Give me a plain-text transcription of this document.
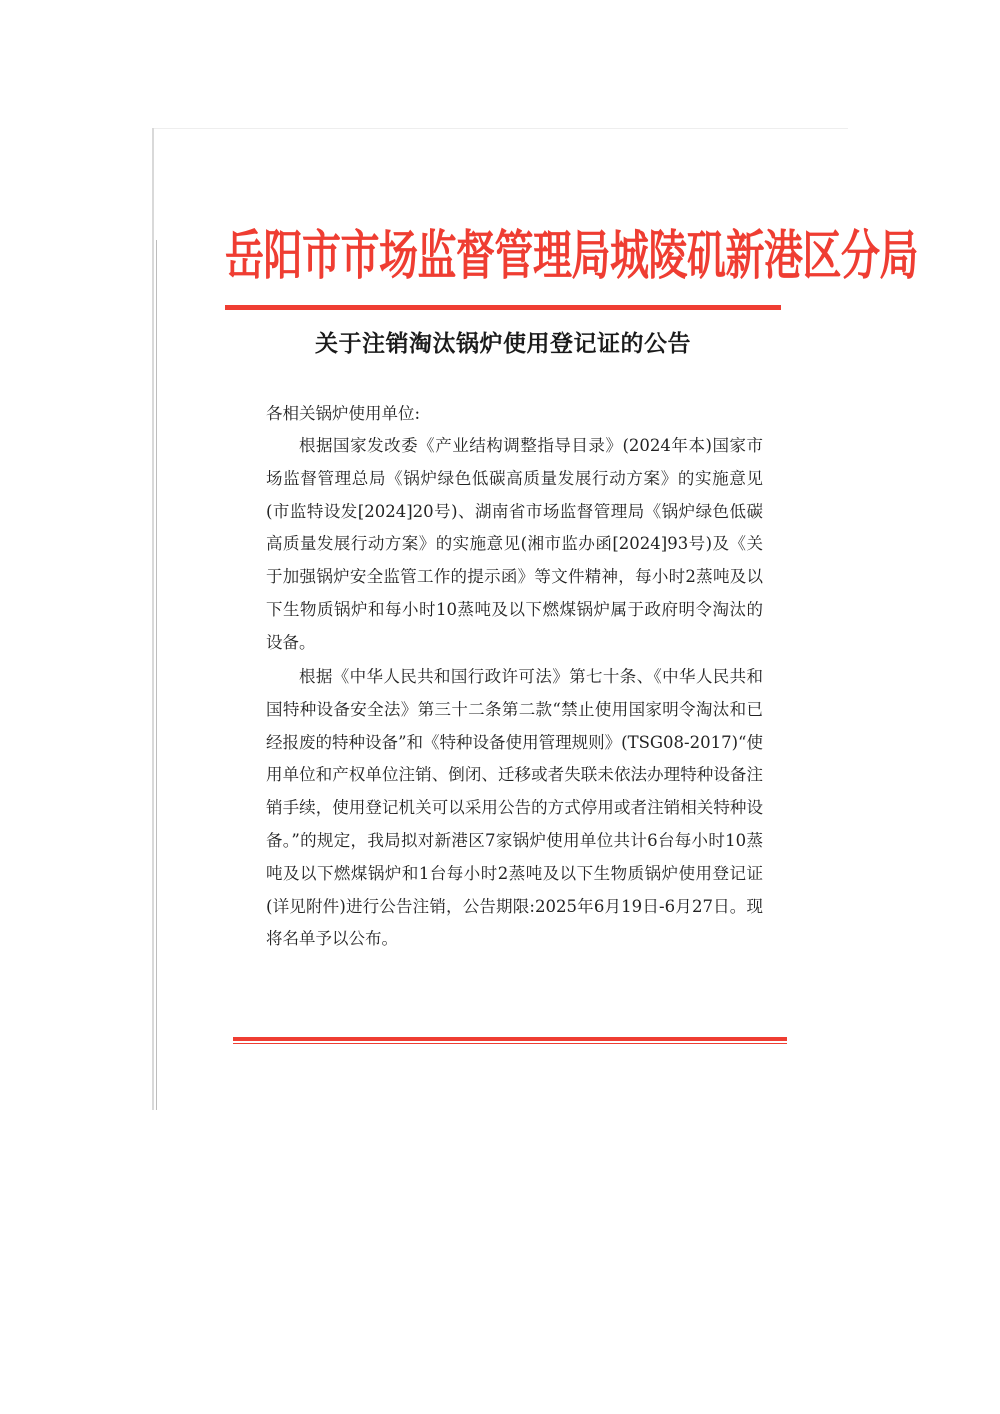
岳阳市市场监督管理局城陵矶新港区分局
关于注销淘汰锅炉使用登记证的公告

各相关锅炉使用单位:

根据国家发改委《产业结构调整指导目录》(2024年本)国家市场监督管理总局《锅炉绿色低碳高质量发展行动方案》的实施意见(市监特设发[2024]20号)、湖南省市场监督管理局《锅炉绿色低碳高质量发展行动方案》的实施意见(湘市监办函[2024]93号)及《关于加强锅炉安全监管工作的提示函》等文件精神，每小时2蒸吨及以下生物质锅炉和每小时10蒸吨及以下燃煤锅炉属于政府明令淘汰的设备。

根据《中华人民共和国行政许可法》第七十条、《中华人民共和国特种设备安全法》第三十二条第二款“禁止使用国家明令淘汰和已经报废的特种设备”和《特种设备使用管理规则》(TSG08-2017)“使用单位和产权单位注销、倒闭、迁移或者失联未依法办理特种设备注销手续，使用登记机关可以采用公告的方式停用或者注销相关特种设备。”的规定，我局拟对新港区7家锅炉使用单位共计6台每小时10蒸吨及以下燃煤锅炉和1台每小时2蒸吨及以下生物质锅炉使用登记证(详见附件)进行公告注销，公告期限:2025年6月19日-6月27日。现将名单予以公布。
